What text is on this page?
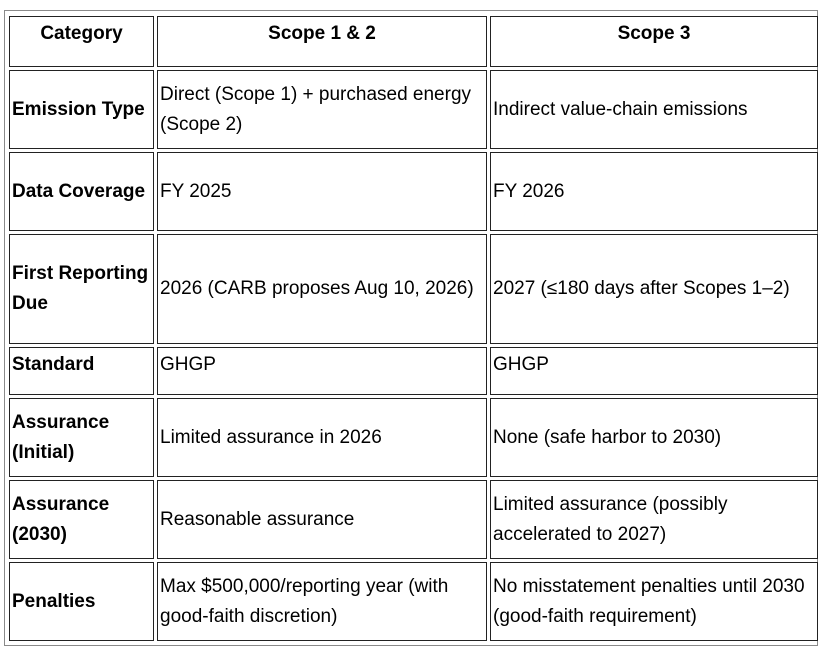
Category	Scope 1 & 2	Scope 3
Emission Type	Direct (Scope 1) + purchased energy (Scope 2)	Indirect value-chain emissions
Data Coverage	FY 2025	FY 2026
First Reporting Due	2026 (CARB proposes Aug 10, 2026)	2027 (≤180 days after Scopes 1–2)
Standard	GHGP	GHGP
Assurance (Initial)	Limited assurance in 2026	None (safe harbor to 2030)
Assurance (2030)	Reasonable assurance	Limited assurance (possibly accelerated to 2027)
Penalties	Max $500,000/reporting year (with good-faith discretion)	No misstatement penalties until 2030 (good-faith requirement)
